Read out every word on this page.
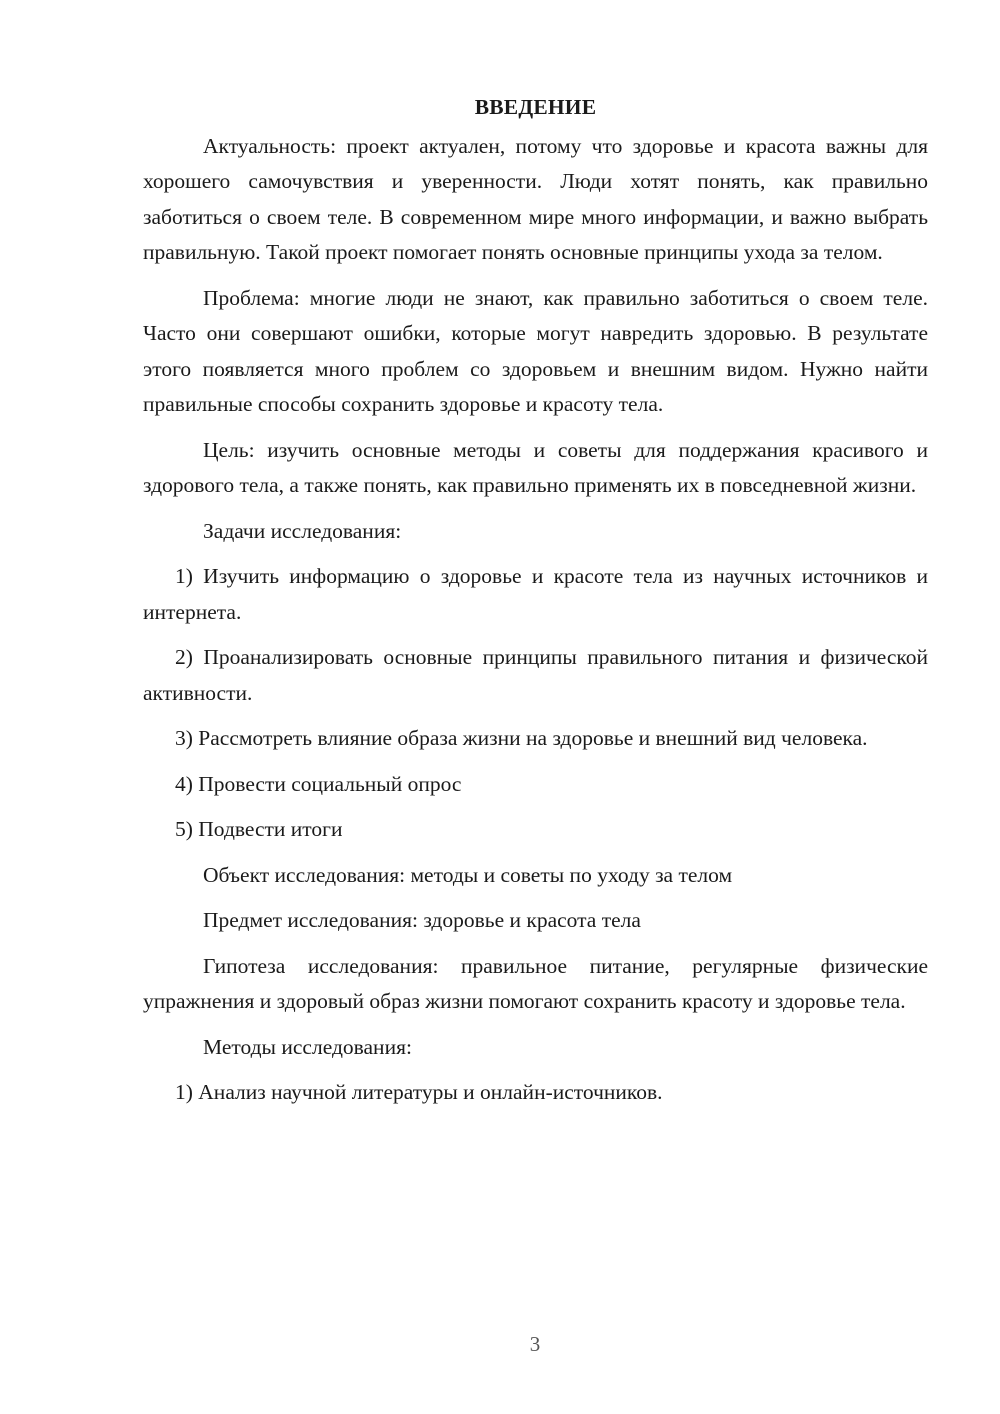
ВВЕДЕНИЕ

Актуальность: проект актуален, потому что здоровье и красота важны для хорошего самочувствия и уверенности. Люди хотят понять, как правильно заботиться о своем теле. В современном мире много информации, и важно выбрать правильную. Такой проект помогает понять основные принципы ухода за телом.

Проблема: многие люди не знают, как правильно заботиться о своем теле. Часто они совершают ошибки, которые могут навредить здоровью. В результате этого появляется много проблем со здоровьем и внешним видом. Нужно найти правильные способы сохранить здоровье и красоту тела.

Цель: изучить основные методы и советы для поддержания красивого и здорового тела, а также понять, как правильно применять их в повседневной жизни.

Задачи исследования:

1) Изучить информацию о здоровье и красоте тела из научных источников и интернета.

2) Проанализировать основные принципы правильного питания и физической активности.

3) Рассмотреть влияние образа жизни на здоровье и внешний вид человека.

4) Провести социальный опрос

5) Подвести итоги

Объект исследования: методы и советы по уходу за телом

Предмет исследования: здоровье и красота тела

Гипотеза исследования: правильное питание, регулярные физические упражнения и здоровый образ жизни помогают сохранить красоту и здоровье тела.

Методы исследования:

1) Анализ научной литературы и онлайн-источников.

3
